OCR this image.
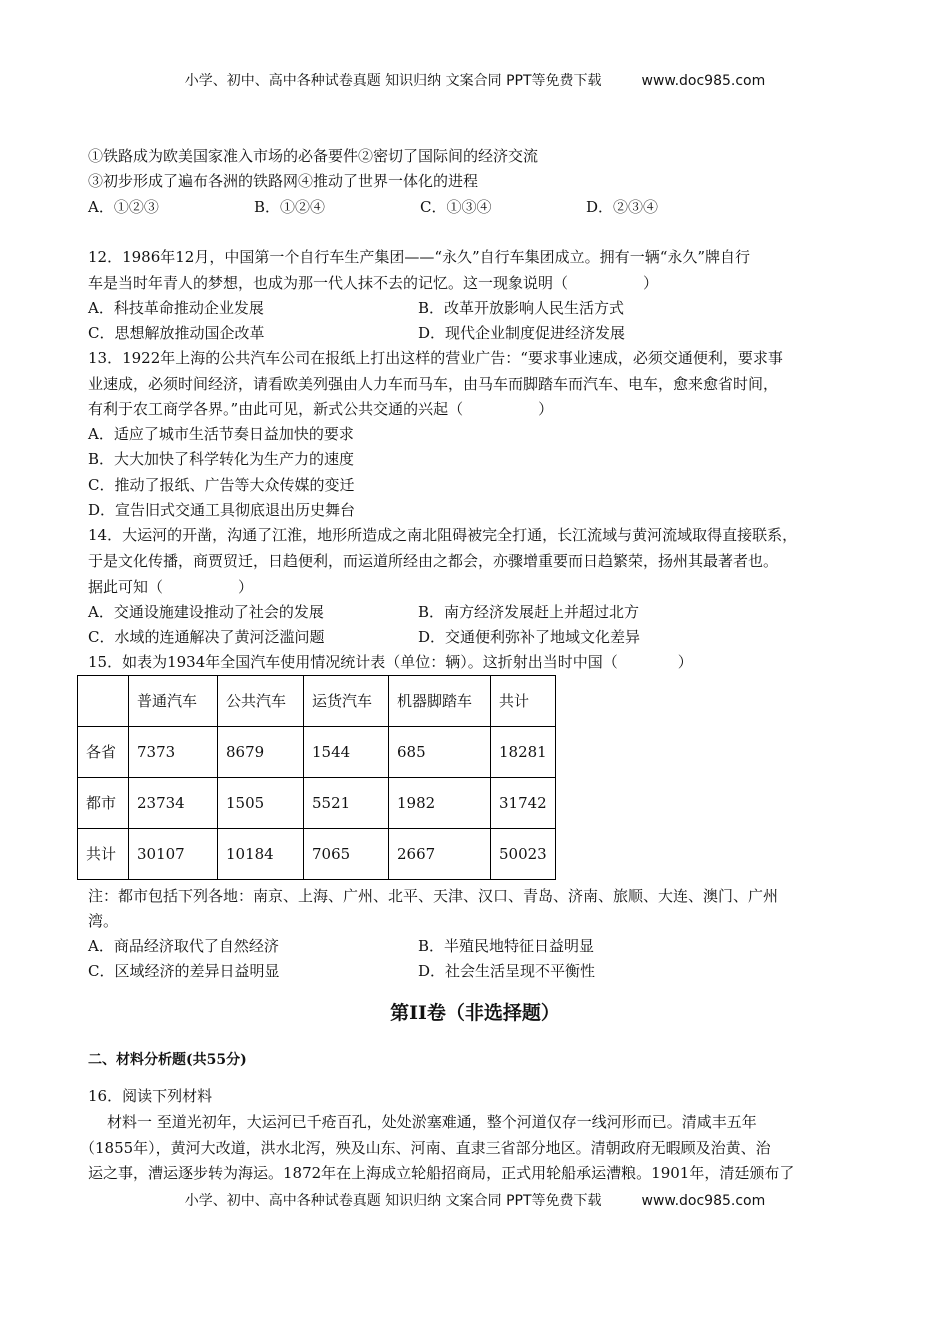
小学、初中、高中各种试卷真题 知识归纳 文案合同 PPT等免费下载	www.doc985.com
①铁路成为欧美国家准入市场的必备要件②密切了国际间的经济交流
③初步形成了遍布各洲的铁路网④推动了世界一体化的进程
A．①②③	B．①②④	C．①③④	D．②③④
12．1986年12月，中国第一个自行车生产集团——“永久”自行车集团成立。拥有一辆“永久”牌自行
车是当时年青人的梦想，也成为那一代人抹不去的记忆。这一现象说明（　　　　　）
A．科技革命推动企业发展	B．改革开放影响人民生活方式
C．思想解放推动国企改革	D．现代企业制度促进经济发展
13．1922年上海的公共汽车公司在报纸上打出这样的营业广告：“要求事业速成，必须交通便利，要求事
业速成，必须时间经济，请看欧美列强由人力车而马车，由马车而脚踏车而汽车、电车，愈来愈省时间，
有利于农工商学各界。”由此可见，新式公共交通的兴起（　　　　　）
A．适应了城市生活节奏日益加快的要求
B．大大加快了科学转化为生产力的速度
C．推动了报纸、广告等大众传媒的变迁
D．宣告旧式交通工具彻底退出历史舞台
14．大运河的开凿，沟通了江淮，地形所造成之南北阻碍被完全打通，长江流域与黄河流域取得直接联系，
于是文化传播，商贾贸迁，日趋便利，而运道所经由之都会，亦骤增重要而日趋繁荣，扬州其最著者也。
据此可知（　　　　　）
A．交通设施建设推动了社会的发展	B．南方经济发展赶上并超过北方
C．水域的连通解决了黄河泛滥问题	D．交通便利弥补了地域文化差异
15．如表为1934年全国汽车使用情况统计表（单位：辆）。这折射出当时中国（　　　　）
	普通汽车	公共汽车	运货汽车	机器脚踏车	共计
各省	7373	8679	1544	685	18281
都市	23734	1505	5521	1982	31742
共计	30107	10184	7065	2667	50023
注：都市包括下列各地：南京、上海、广州、北平、天津、汉口、青岛、济南、旅顺、大连、澳门、广州
湾。
A．商品经济取代了自然经济	B．半殖民地特征日益明显
C．区域经济的差异日益明显	D．社会生活呈现不平衡性
第II卷（非选择题）
二、材料分析题(共55分)
16．阅读下列材料
　材料一 至道光初年，大运河已千疮百孔，处处淤塞难通，整个河道仅存一线河形而已。清咸丰五年
（1855年），黄河大改道，洪水北泻，殃及山东、河南、直隶三省部分地区。清朝政府无暇顾及治黄、治
运之事，漕运逐步转为海运。1872年在上海成立轮船招商局，正式用轮船承运漕粮。1901年，清廷颁布了
小学、初中、高中各种试卷真题 知识归纳 文案合同 PPT等免费下载	www.doc985.com
